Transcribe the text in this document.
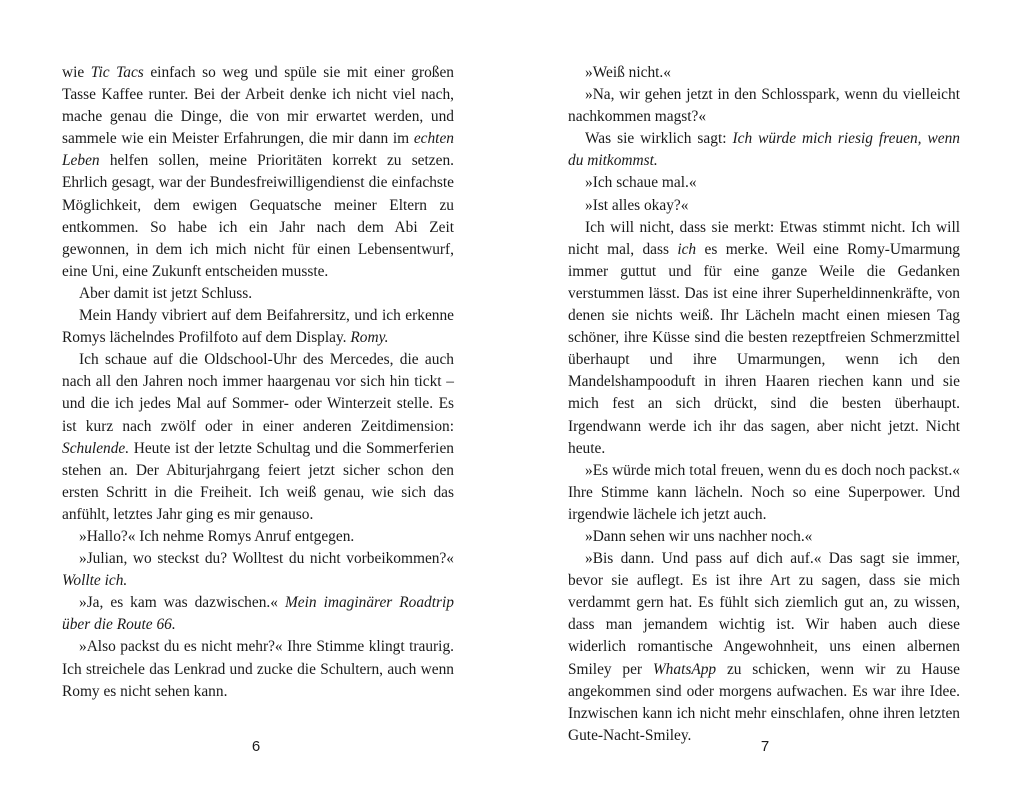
wie Tic Tacs einfach so weg und spüle sie mit einer großen Tasse Kaffee runter. Bei der Arbeit denke ich nicht viel nach, mache genau die Dinge, die von mir erwartet werden, und sammele wie ein Meister Erfahrungen, die mir dann im echten Leben helfen sollen, meine Prioritäten korrekt zu setzen. Ehrlich gesagt, war der Bundesfreiwilligendienst die einfachste Möglichkeit, dem ewigen Gequatsche meiner Eltern zu entkommen. So habe ich ein Jahr nach dem Abi Zeit gewonnen, in dem ich mich nicht für einen Lebensentwurf, eine Uni, eine Zukunft entscheiden musste.

Aber damit ist jetzt Schluss.

Mein Handy vibriert auf dem Beifahrersitz, und ich erkenne Romys lächelndes Profilfoto auf dem Display. Romy.

Ich schaue auf die Oldschool-Uhr des Mercedes, die auch nach all den Jahren noch immer haargenau vor sich hin tickt – und die ich jedes Mal auf Sommer- oder Winterzeit stelle. Es ist kurz nach zwölf oder in einer anderen Zeitdimension: Schulende. Heute ist der letzte Schultag und die Sommerferien stehen an. Der Abiturjahrgang feiert jetzt sicher schon den ersten Schritt in die Freiheit. Ich weiß genau, wie sich das anfühlt, letztes Jahr ging es mir genauso.

»Hallo?« Ich nehme Romys Anruf entgegen.

»Julian, wo steckst du? Wolltest du nicht vorbeikommen?« Wollte ich.

»Ja, es kam was dazwischen.« Mein imaginärer Roadtrip über die Route 66.

»Also packst du es nicht mehr?« Ihre Stimme klingt traurig. Ich streichele das Lenkrad und zucke die Schultern, auch wenn Romy es nicht sehen kann.

6

»Weiß nicht.«

»Na, wir gehen jetzt in den Schlosspark, wenn du vielleicht nachkommen magst?«

Was sie wirklich sagt: Ich würde mich riesig freuen, wenn du mitkommst.

»Ich schaue mal.«

»Ist alles okay?«

Ich will nicht, dass sie merkt: Etwas stimmt nicht. Ich will nicht mal, dass ich es merke. Weil eine Romy-Umarmung immer guttut und für eine ganze Weile die Gedanken verstummen lässt. Das ist eine ihrer Superheldinnenkräfte, von denen sie nichts weiß. Ihr Lächeln macht einen miesen Tag schöner, ihre Küsse sind die besten rezeptfreien Schmerzmittel überhaupt und ihre Umarmungen, wenn ich den Mandelshampooduft in ihren Haaren riechen kann und sie mich fest an sich drückt, sind die besten überhaupt. Irgendwann werde ich ihr das sagen, aber nicht jetzt. Nicht heute.

»Es würde mich total freuen, wenn du es doch noch packst.« Ihre Stimme kann lächeln. Noch so eine Superpower. Und irgendwie lächele ich jetzt auch.

»Dann sehen wir uns nachher noch.«

»Bis dann. Und pass auf dich auf.« Das sagt sie immer, bevor sie auflegt. Es ist ihre Art zu sagen, dass sie mich verdammt gern hat. Es fühlt sich ziemlich gut an, zu wissen, dass man jemandem wichtig ist. Wir haben auch diese widerlich romantische Angewohnheit, uns einen albernen Smiley per WhatsApp zu schicken, wenn wir zu Hause angekommen sind oder morgens aufwachen. Es war ihre Idee. Inzwischen kann ich nicht mehr einschlafen, ohne ihren letzten Gute-Nacht-Smiley.

7
